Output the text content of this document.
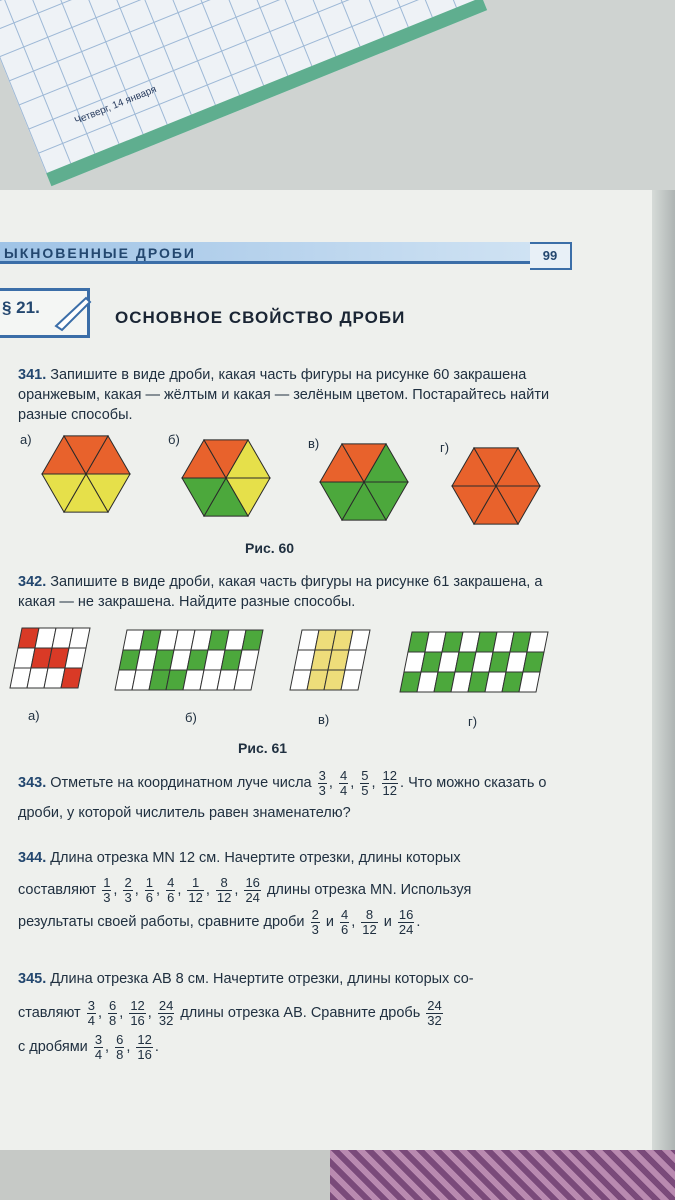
Четверг, 14 января
ЫКНОВЕННЫЕ ДРОБИ	99
§ 21.
ОСНОВНОЕ СВОЙСТВО ДРОБИ
341. Запишите в виде дроби, какая часть фигуры на рисунке 60 закрашена оранжевым, какая — жёлтым и какая — зелёным цветом. Постарайтесь найти разные способы.
а)	б)	в)	г)
Рис. 60
342. Запишите в виде дроби, какая часть фигуры на рисунке 61 закрашена, а какая — не закрашена. Найдите разные способы.
а)	б)	в)	г)
Рис. 61
343. Отметьте на координатном луче числа $\frac{3}{3}$ , $\frac{4}{4}$ , $\frac{5}{5}$ , $\frac{12}{12}$ . Что можно сказать о дроби, у которой числитель равен знаменателю?
344. Длина отрезка MN 12 см. Начертите отрезки, длины которых
составляют $\frac{1}{3}$ , $\frac{2}{3}$ , $\frac{1}{6}$ , $\frac{4}{6}$ , $\frac{1}{12}$ , $\frac{8}{12}$ , $\frac{16}{24}$ длины отрезка MN. Используя
результаты своей работы, сравните дроби $\frac{2}{3}$ и $\frac{4}{6}$ , $\frac{8}{12}$ и $\frac{16}{24}$ .
345. Длина отрезка AB 8 см. Начертите отрезки, длины которых со-
ставляют $\frac{3}{4}$ , $\frac{6}{8}$ , $\frac{12}{16}$ , $\frac{24}{32}$ длины отрезка AB. Сравните дробь $\frac{24}{32}$

с дробями $\frac{3}{4}$ , $\frac{6}{8}$ , $\frac{12}{16}$ .
